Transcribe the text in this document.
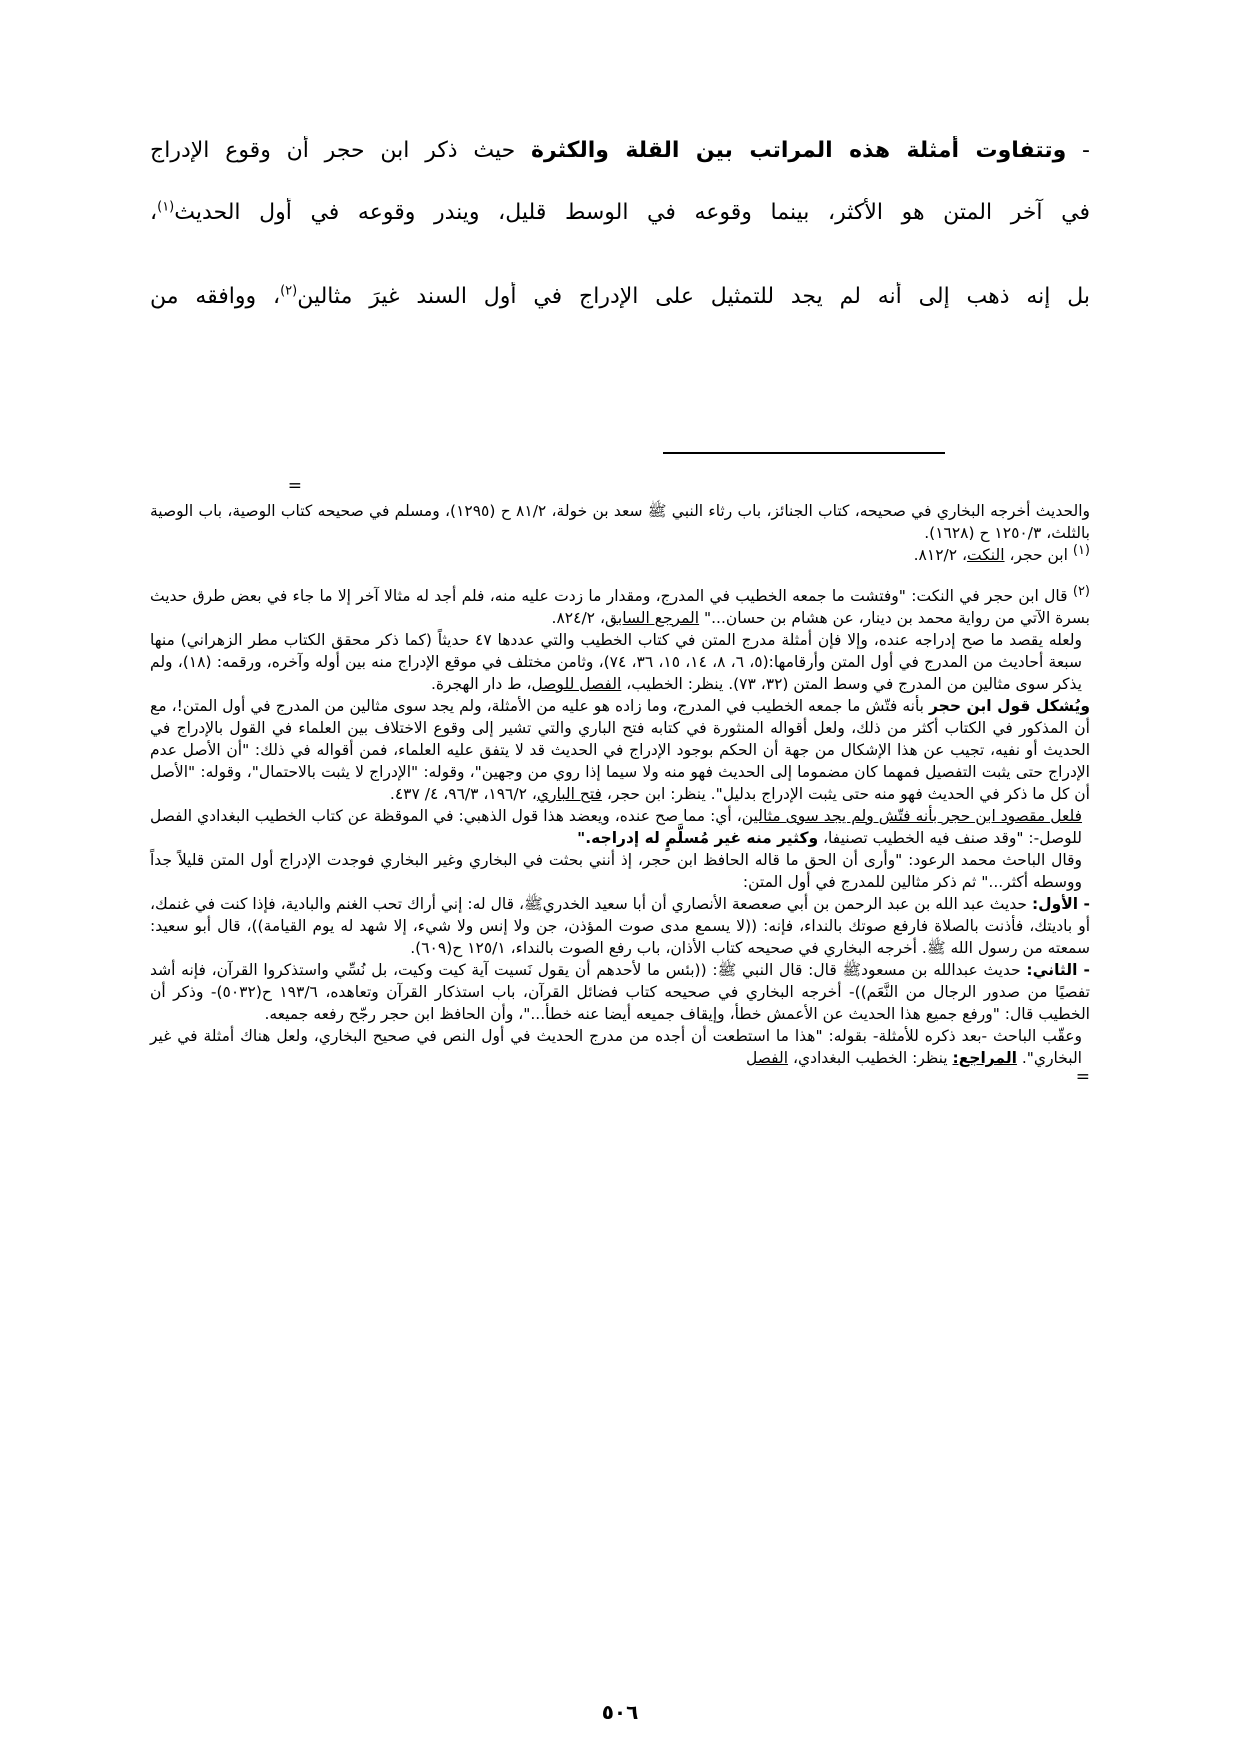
- وتتفاوت أمثلة هذه المراتب بين القلة والكثرة حيث ذكر ابن حجر أن وقوع الإدراج
في آخر المتن هو الأكثر، بينما وقوعه في الوسط قليل، ويندر وقوعه في أول الحديث$^{(١)}$،
بل إنه ذهب إلى أنه لم يجد للتمثيل على الإدراج في أول السند غيرَ مثالين$^{(٢)}$، ووافقه من
=

والحديث أخرجه البخاري في صحيحه، كتاب الجنائز، باب رثاء النبي ﷺ سعد بن خولة، ٨١/٢ ح (١٢٩٥)، ومسلم في صحيحه كتاب الوصية، باب الوصية بالثلث، ١٢٥٠/٣ ح (١٦٢٨).

$^{(١)}$ ابن حجر، النكت، ٨١٢/٢.

$^{(٢)}$ قال ابن حجر في النكت: "وفتشت ما جمعه الخطيب في المدرج، ومقدار ما زدت عليه منه، فلم أجد له مثالا آخر إلا ما جاء في بعض طرق حديث بسرة الآتي من رواية محمد بن دينار، عن هشام بن حسان..." المرجع السابق، ٨٢٤/٢.

ولعله يقصد ما صح إدراجه عنده، وإلا فإن أمثلة مدرج المتن في كتاب الخطيب والتي عددها ٤٧ حديثاً (كما ذكر محقق الكتاب مطر الزهراني) منها سبعة أحاديث من المدرج في أول المتن وأرقامها:(٥، ٦، ٨، ١٤، ١٥، ٣٦، ٧٤)، وثامن مختلف في موقع الإدراج منه بين أوله وآخره، ورقمه: (١٨)، ولم يذكر سوى مثالين من المدرج في وسط المتن (٣٢، ٧٣). ينظر: الخطيب، الفصل للوصل، ط دار الهجرة.

ويُشكل قول ابن حجر بأنه فتّش ما جمعه الخطيب في المدرج، وما زاده هو عليه من الأمثلة، ولم يجد سوى مثالين من المدرج في أول المتن!، مع أن المذكور في الكتاب أكثر من ذلك، ولعل أقواله المنثورة في كتابه فتح الباري والتي تشير إلى وقوع الاختلاف بين العلماء في القول بالإدراج في الحديث أو نفيه، تجيب عن هذا الإشكال من جهة أن الحكم بوجود الإدراج في الحديث قد لا يتفق عليه العلماء، فمن أقواله في ذلك: "أن الأصل عدم الإدراج حتى يثبت التفصيل فمهما كان مضموما إلى الحديث فهو منه ولا سيما إذا روي من وجهين"، وقوله: "الإدراج لا يثبت بالاحتمال"، وقوله: "الأصل أن كل ما ذكر في الحديث فهو منه حتى يثبت الإدراج بدليل". ينظر: ابن حجر، فتح الباري، ١٩٦/٢، ٩٦/٣، ٤/ ٤٣٧.

فلعل مقصود ابن حجر بأنه فتّش ولم يجد سوى مثالين، أي: مما صح عنده، ويعضد هذا قول الذهبي: في الموقظة عن كتاب الخطيب البغدادي الفصل للوصل-: "وقد صنف فيه الخطيب تصنيفا، وكثير منه غير مُسلَّمٍ له إدراجه."

وقال الباحث محمد الرعود: "وأرى أن الحق ما قاله الحافظ ابن حجر، إذ أنني بحثت في البخاري وغير البخاري فوجدت الإدراج أول المتن قليلاً جداً ووسطه أكثر..." ثم ذكر مثالين للمدرج في أول المتن:

- الأول: حديث عبد الله بن عبد الرحمن بن أبي صعصعة الأنصاري أن أبا سعيد الخدريﷺ، قال له: إني أراك تحب الغنم والبادية، فإذا كنت في غنمك، أو باديتك، فأذنت بالصلاة فارفع صوتك بالنداء، فإنه: ((لا يسمع مدى صوت المؤذن، جن ولا إنس ولا شيء، إلا شهد له يوم القيامة))، قال أبو سعيد: سمعته من رسول الله ﷺ. أخرجه البخاري في صحيحه كتاب الأذان، باب رفع الصوت بالنداء، ١٢٥/١ ح(٦٠٩).

- الثاني: حديث عبدالله بن مسعودﷺ قال: قال النبي ﷺ: ((بئس ما لأحدهم أن يقول نَسيت آية كيت وكيت، بل نُسِّي واستذكروا القرآن، فإنه أشد تفصيًا من صدور الرجال من النَّعَم))- أخرجه البخاري في صحيحه كتاب فضائل القرآن، باب استذكار القرآن وتعاهده، ١٩٣/٦ ح(٥٠٣٢)- وذكر أن الخطيب قال: "ورفع جميع هذا الحديث عن الأعمش خطأ، وإيقاف جميعه أيضا عنه خطأ..."، وأن الحافظ ابن حجر رجّح رفعه جميعه.

وعقّب الباحث -بعد ذكره للأمثلة- بقوله: "هذا ما استطعت أن أجده من مدرج الحديث في أول النص في صحيح البخاري، ولعل هناك أمثلة في غير البخاري". المراجع: ينظر: الخطيب البغدادي، الفصل

=

٥٠٦
